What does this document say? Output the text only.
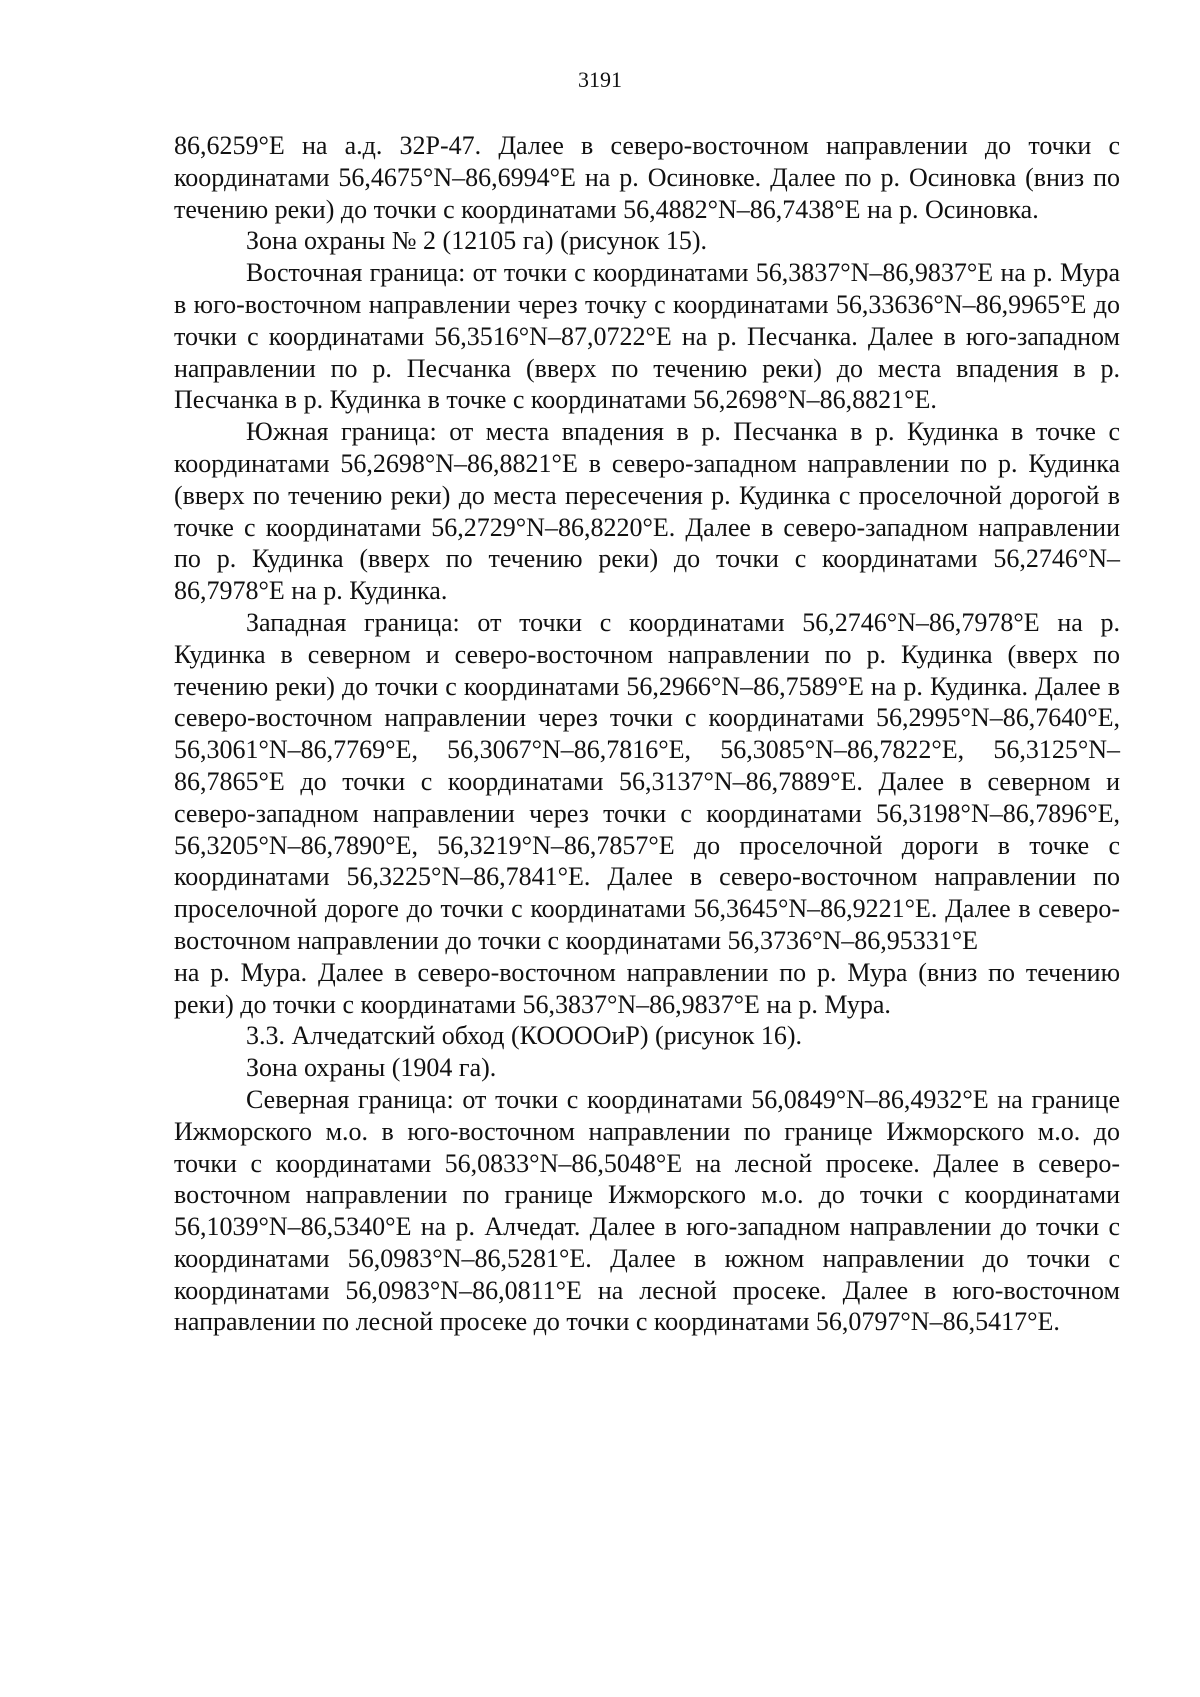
3191

86,6259°E на а.д. 32Р-47. Далее в северо-восточном направлении до точки с координатами 56,4675°N–86,6994°E на р. Осиновке. Далее по р. Осиновка (вниз по течению реки) до точки с координатами 56,4882°N–86,7438°E на р. Осиновка.

Зона охраны № 2 (12105 га) (рисунок 15).

Восточная граница: от точки с координатами 56,3837°N–86,9837°E на р. Мура в юго-восточном направлении через точку с координатами 56,33636°N–86,9965°E до точки с координатами 56,3516°N–87,0722°E на р. Песчанка. Далее в юго-западном направлении по р. Песчанка (вверх по течению реки) до места впадения в р. Песчанка в р. Кудинка в точке с координатами 56,2698°N–86,8821°E.

Южная граница: от места впадения в р. Песчанка в р. Кудинка в точке с координатами 56,2698°N–86,8821°E в северо-западном направлении по р. Кудинка (вверх по течению реки) до места пересечения р. Кудинка с проселочной дорогой в точке с координатами 56,2729°N–86,8220°E. Далее в северо-западном направлении по р. Кудинка (вверх по течению реки) до точки с координатами 56,2746°N–86,7978°E на р. Кудинка.

Западная граница: от точки с координатами 56,2746°N–86,7978°E на р. Кудинка в северном и северо-восточном направлении по р. Кудинка (вверх по течению реки) до точки с координатами 56,2966°N–86,7589°E на р. Кудинка. Далее в северо-восточном направлении через точки с координатами 56,2995°N–86,7640°E, 56,3061°N–86,7769°E, 56,3067°N–86,7816°E, 56,3085°N–86,7822°E, 56,3125°N–86,7865°E до точки с координатами 56,3137°N–86,7889°E. Далее в северном и северо-западном направлении через точки с координатами 56,3198°N–86,7896°E, 56,3205°N–86,7890°E, 56,3219°N–86,7857°E до проселочной дороги в точке с координатами 56,3225°N–86,7841°E. Далее в северо-восточном направлении по проселочной дороге до точки с координатами 56,3645°N–86,9221°E. Далее в северо-восточном направлении до точки с координатами 56,3736°N–86,95331°E

на р. Мура. Далее в северо-восточном направлении по р. Мура (вниз по течению реки) до точки с координатами 56,3837°N–86,9837°E на р. Мура.

3.3. Алчедатский обход (КООООиР) (рисунок 16).

Зона охраны (1904 га).

Северная граница: от точки с координатами 56,0849°N–86,4932°E на границе Ижморского м.о. в юго-восточном направлении по границе Ижморского м.о. до точки с координатами 56,0833°N–86,5048°E на лесной просеке. Далее в северо-восточном направлении по границе Ижморского м.о. до точки с координатами 56,1039°N–86,5340°E на р. Алчедат. Далее в юго-западном направлении до точки с координатами 56,0983°N–86,5281°E. Далее в южном направлении до точки с координатами 56,0983°N–86,0811°E на лесной просеке. Далее в юго-восточном направлении по лесной просеке до точки с координатами 56,0797°N–86,5417°E.
